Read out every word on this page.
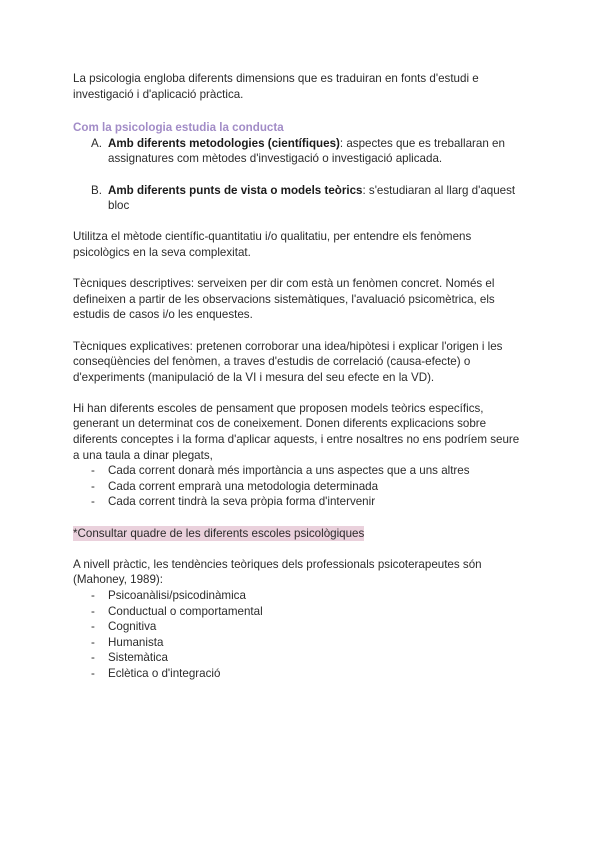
La psicologia engloba diferents dimensions que es traduiran en fonts d'estudi e investigació i d'aplicació pràctica.

Com la psicologia estudia la conducta

A. Amb diferents metodologies (científiques): aspectes que es treballaran en assignatures com mètodes d'investigació o investigació aplicada.
B. Amb diferents punts de vista o models teòrics: s'estudiaran al llarg d'aquest bloc

Utilitza el mètode científic-quantitatiu i/o qualitatiu, per entendre els fenòmens psicològics en la seva complexitat.

Tècniques descriptives: serveixen per dir com està un fenòmen concret. Només el defineixen a partir de les observacions sistemàtiques, l'avaluació psicomètrica, els estudis de casos i/o les enquestes.

Tècniques explicatives: pretenen corroborar una idea/hipòtesi i explicar l'origen i les conseqüències del fenòmen, a traves d'estudis de correlació (causa-efecte) o d'experiments (manipulació de la VI i mesura del seu efecte en la VD).

Hi han diferents escoles de pensament que proposen models teòrics específics, generant un determinat cos de coneixement. Donen diferents explicacions sobre diferents conceptes i la forma d'aplicar aquests, i entre nosaltres no ens podríem seure a una taula a dinar plegats,

- Cada corrent donarà més importància a uns aspectes que a uns altres
- Cada corrent emprarà una metodologia determinada
- Cada corrent tindrà la seva pròpia forma d'intervenir

*Consultar quadre de les diferents escoles psicològiques

A nivell pràctic, les tendències teòriques dels professionals psicoterapeutes són (Mahoney, 1989):

- Psicoanàlisi/psicodinàmica
- Conductual o comportamental
- Cognitiva
- Humanista
- Sistemàtica
- Eclètica o d'integració
